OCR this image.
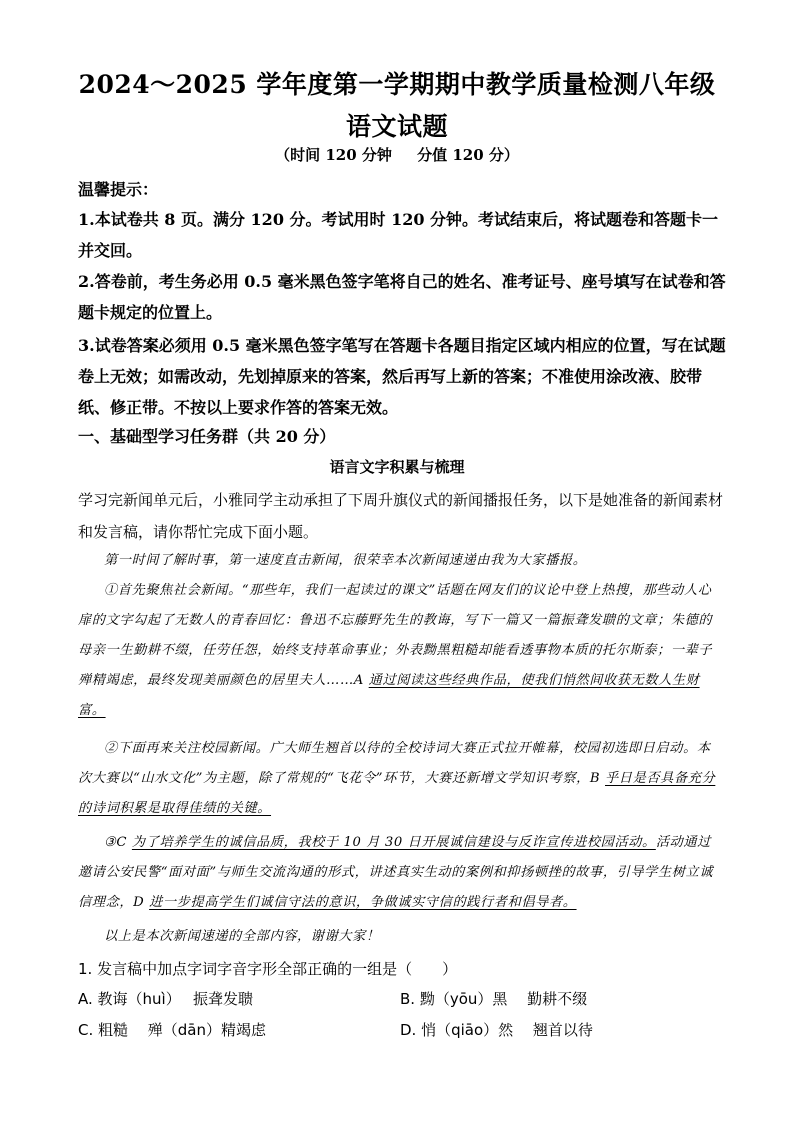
2024～2025 学年度第一学期期中教学质量检测八年级语文试题
（时间 120 分钟 分值 120 分）
温馨提示：
1.本试卷共 8 页。满分 120 分。考试用时 120 分钟。考试结束后，将试题卷和答题卡一并交回。
2.答卷前，考生务必用 0.5 毫米黑色签字笔将自己的姓名、准考证号、座号填写在试卷和答题卡规定的位置上。
3.试卷答案必须用 0.5 毫米黑色签字笔写在答题卡各题目指定区域内相应的位置，写在试题卷上无效；如需改动，先划掉原来的答案，然后再写上新的答案；不准使用涂改液、胶带纸、修正带。不按以上要求作答的答案无效。
一、基础型学习任务群（共 20 分）
语言文字积累与梳理
学习完新闻单元后，小雅同学主动承担了下周升旗仪式的新闻播报任务，以下是她准备的新闻素材和发言稿，请你帮忙完成下面小题。
第一时间了解时事，第一速度直击新闻，很荣幸本次新闻速递由我为大家播报。
①首先聚焦社会新闻。“那些年，我们一起读过的课文”话题在网友们的议论中登上热搜，那些动人心扉的文字勾起了无数人的青春回忆：鲁迅不忘藤野先生的教诲，写下一篇又一篇振聋发聩的文章；朱德的母亲一生勤耕不缀，任劳任怨，始终支持革命事业；外表黝黑粗糙却能看透事物本质的托尔斯泰；一辈子殚精竭虑，最终发现美丽颜色的居里夫人……A 通过阅读这些经典作品，使我们悄然间收获无数人生财富。
②下面再来关注校园新闻。广大师生翘首以待的全校诗词大赛正式拉开帷幕，校园初选即日启动。本次大赛以“山水文化”为主题，除了常规的“飞花令”环节，大赛还新增文学知识考察，B 乎日是否具备充分的诗词积累是取得佳绩的关键。
③C 为了培养学生的诚信品质，我校于 10 月 30 日开展诚信建设与反诈宣传进校园活动。活动通过邀请公安民警“面对面”与师生交流沟通的形式，讲述真实生动的案例和抑扬顿挫的故事，引导学生树立诚信理念，D 进一步提高学生们诚信守法的意识，争做诚实守信的践行者和倡导者。
以上是本次新闻速递的全部内容，谢谢大家！
1. 发言稿中加点字词字音字形全部正确的一组是（　　）
A. 教诲（huì）　 振聋发聩	B. 黝（yōu）黑　 勤耕不缀
C. 粗糙　 殚（dān）精竭虑	D. 悄（qiāo）然　 翘首以待
